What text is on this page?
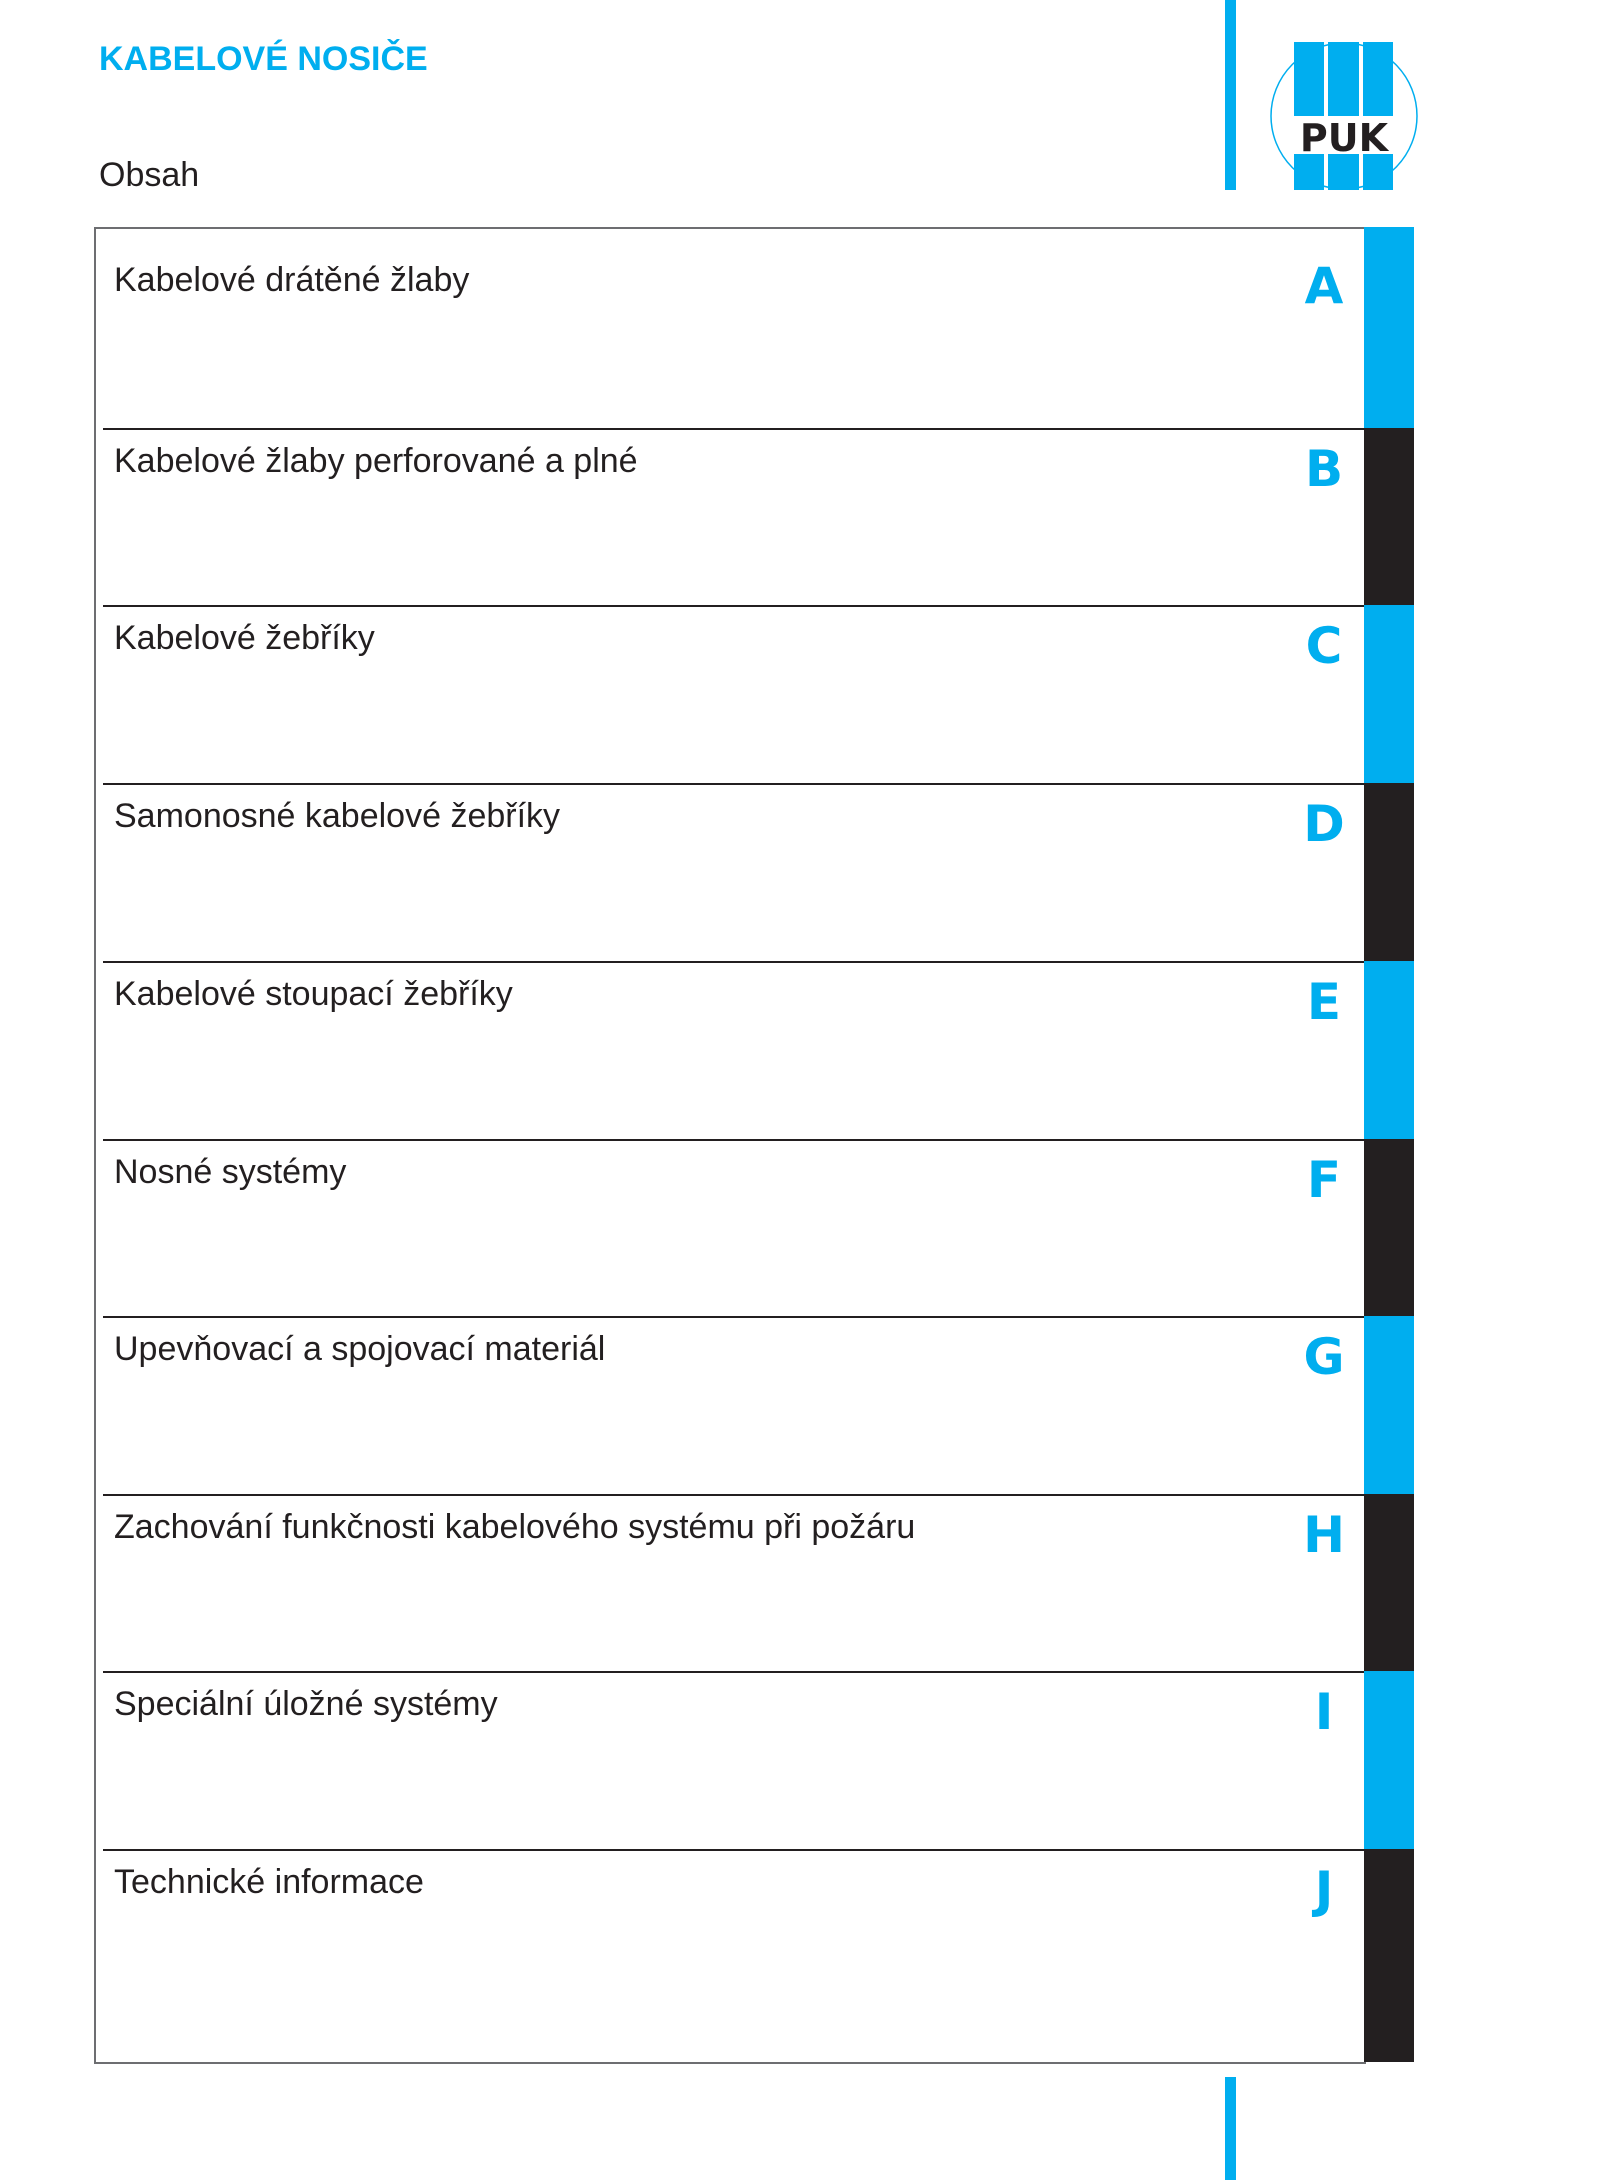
KABELOVÉ NOSIČE
Obsah
PUK
Kabelové drátěné žlaby	A
Kabelové žlaby perforované a plné	B
Kabelové žebříky	C
Samonosné kabelové žebříky	D
Kabelové stoupací žebříky	E
Nosné systémy	F
Upevňovací a spojovací materiál	G
Zachování funkčnosti kabelového systému při požáru	H
Speciální úložné systémy	I
Technické informace	J
